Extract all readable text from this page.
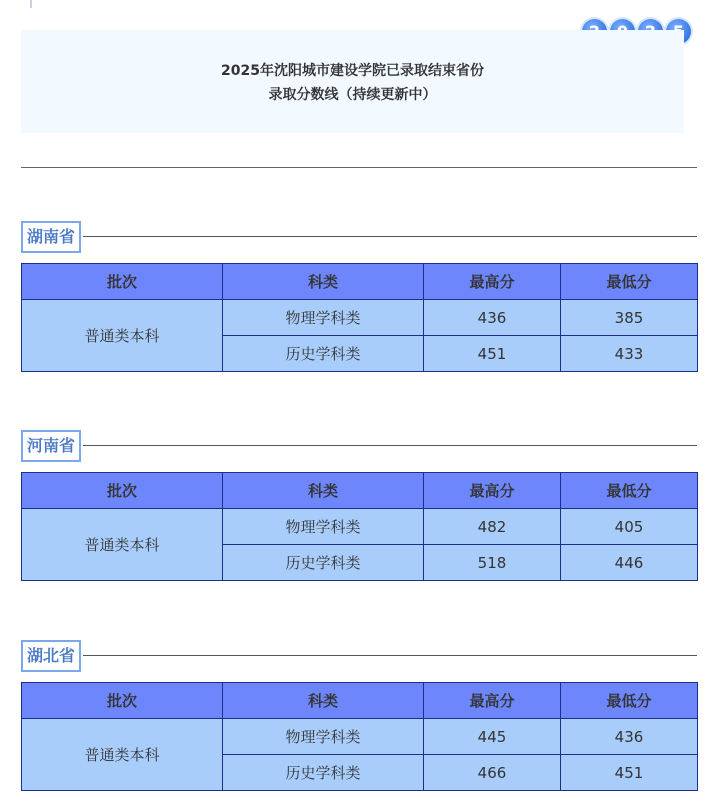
2025年沈阳城市建设学院已录取结束省份
录取分数线（持续更新中）
湖南省
批次	科类	最高分	最低分
普通类本科	物理学科类	436	385
	历史学科类	451	433
河南省
批次	科类	最高分	最低分
普通类本科	物理学科类	482	405
	历史学科类	518	446
湖北省
批次	科类	最高分	最低分
普通类本科	物理学科类	445	436
	历史学科类	466	451
